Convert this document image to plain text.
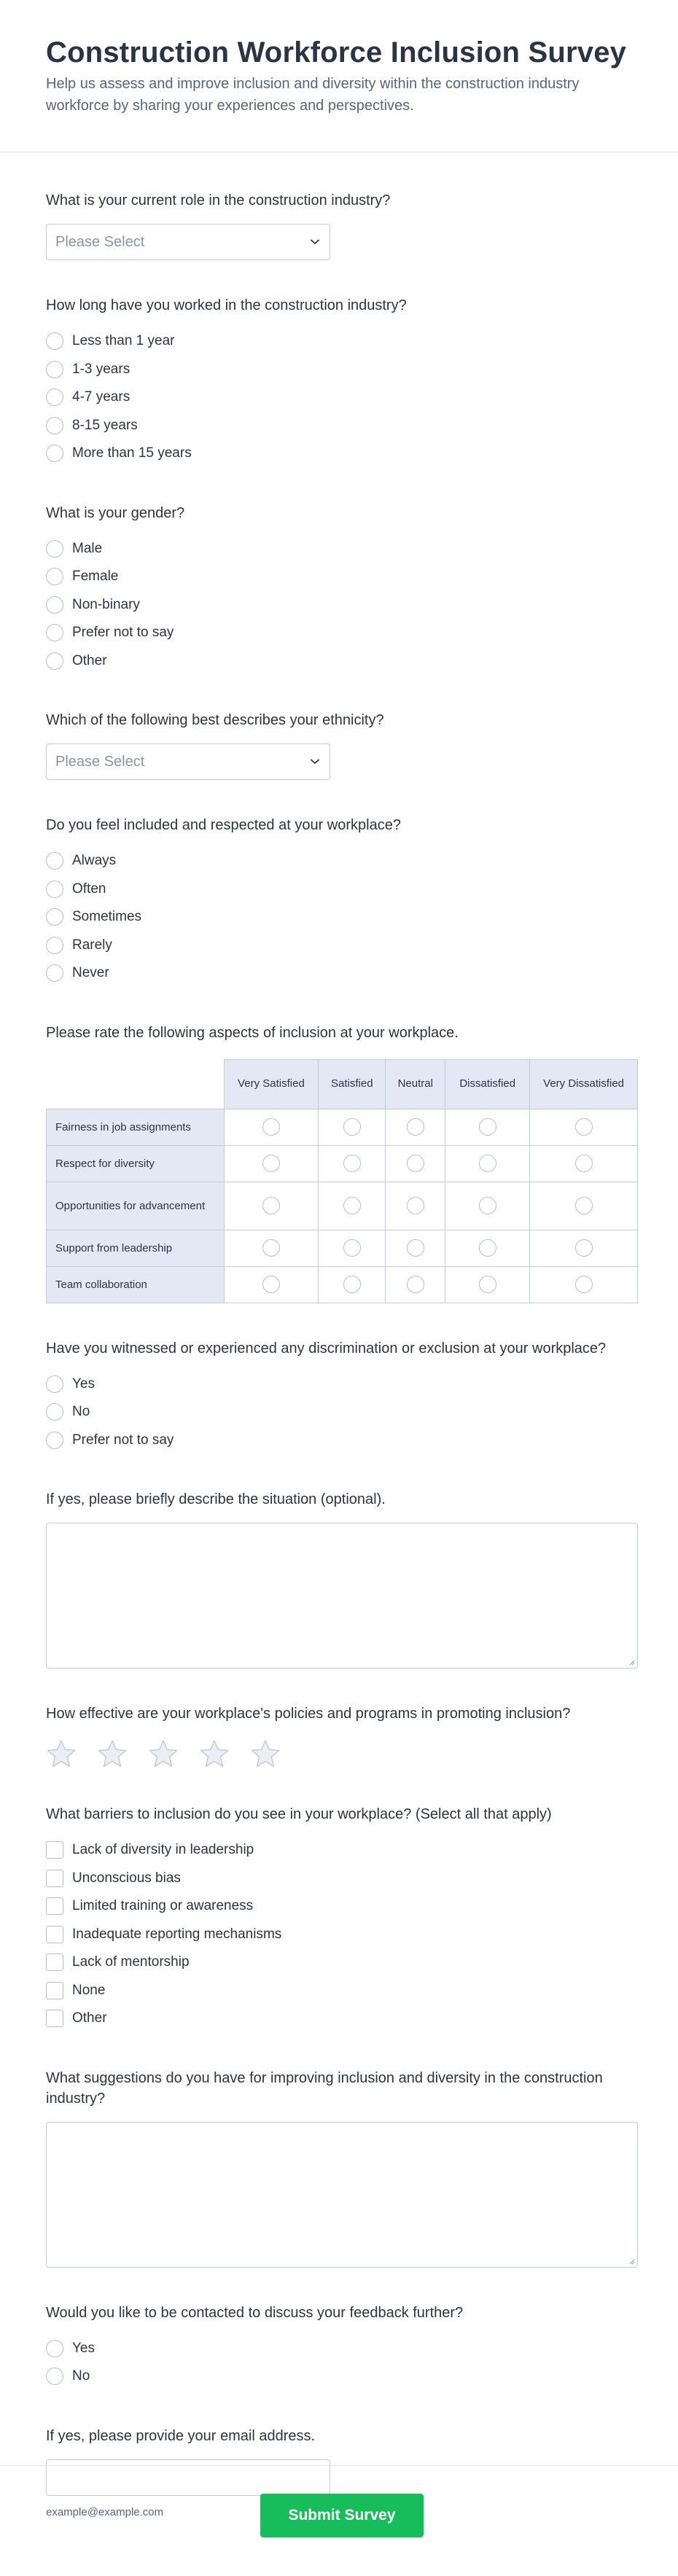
Construction Workforce Inclusion Survey

Help us assess and improve inclusion and diversity within the construction industry workforce by sharing your experiences and perspectives.

What is your current role in the construction industry?
Please Select
How long have you worked in the construction industry?
Less than 1 year
1-3 years
4-7 years
8-15 years
More than 15 years
What is your gender?
Male
Female
Non-binary
Prefer not to say
Other
Which of the following best describes your ethnicity?
Please Select
Do you feel included and respected at your workplace?
Always
Often
Sometimes
Rarely
Never
Please rate the following aspects of inclusion at your workplace.
	Very Satisfied	Satisfied	Neutral	Dissatisfied	Very Dissatisfied
Fairness in job assignments					
Respect for diversity					
Opportunities for advancement					
Support from leadership					
Team collaboration					
Have you witnessed or experienced any discrimination or exclusion at your workplace?
Yes
No
Prefer not to say
If yes, please briefly describe the situation (optional).
How effective are your workplace's policies and programs in promoting inclusion?
What barriers to inclusion do you see in your workplace? (Select all that apply)
Lack of diversity in leadership
Unconscious bias
Limited training or awareness
Inadequate reporting mechanisms
Lack of mentorship
None
Other
What suggestions do you have for improving inclusion and diversity in the construction industry?
Would you like to be contacted to discuss your feedback further?
Yes
No
If yes, please provide your email address.
example@example.com	Submit Survey
